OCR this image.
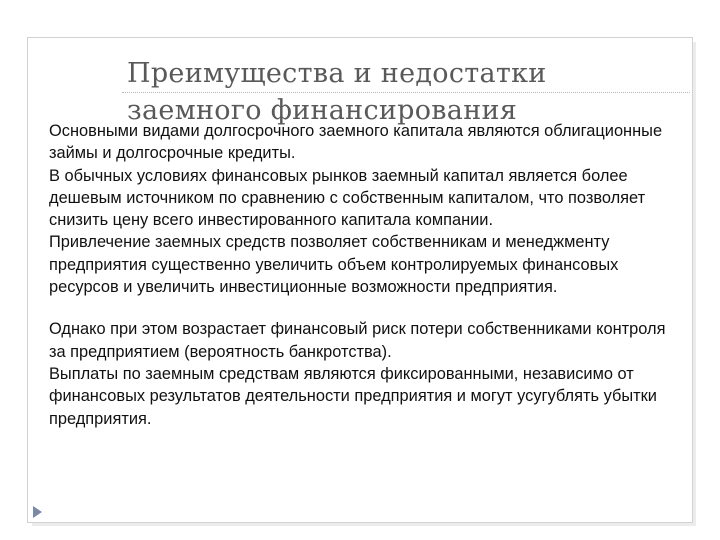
Преимущества и недостатки
заемного финансирования

Основными видами долгосрочного заемного капитала являются облигационные займы и долгосрочные кредиты.

В обычных условиях финансовых рынков заемный капитал является более дешевым источником по сравнению с собственным капиталом, что позволяет снизить цену всего инвестированного капитала компании.

Привлечение заемных средств позволяет собственникам и менеджменту предприятия существенно увеличить объем контролируемых финансовых ресурсов и увеличить инвестиционные возможности предприятия.

Однако при этом возрастает финансовый риск потери собственниками контроля за предприятием (вероятность банкротства).

Выплаты по заемным средствам являются фиксированными, независимо от финансовых результатов деятельности предприятия и могут усугублять убытки предприятия.
